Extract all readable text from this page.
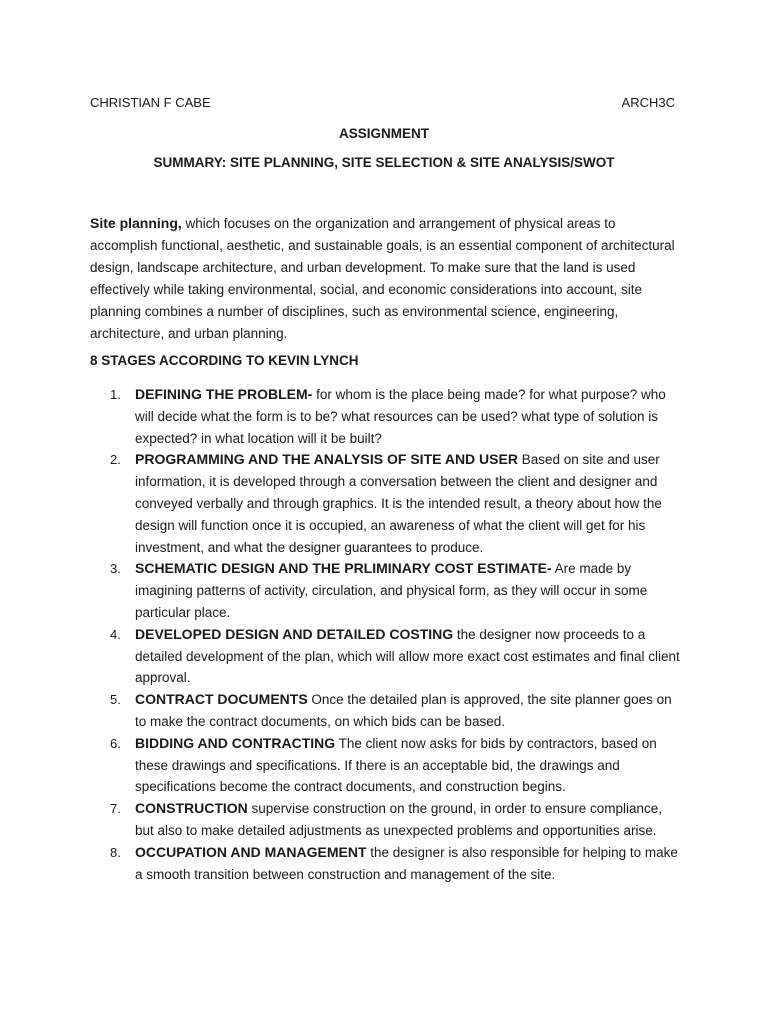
CHRISTIAN F CABE	ARCH3C
ASSIGNMENT
SUMMARY: SITE PLANNING, SITE SELECTION & SITE ANALYSIS/SWOT

Site planning, which focuses on the organization and arrangement of physical areas to accomplish functional, aesthetic, and sustainable goals, is an essential component of architectural design, landscape architecture, and urban development. To make sure that the land is used effectively while taking environmental, social, and economic considerations into account, site planning combines a number of disciplines, such as environmental science, engineering, architecture, and urban planning.

8 STAGES ACCORDING TO KEVIN LYNCH
1. DEFINING THE PROBLEM- for whom is the place being made? for what purpose? who will decide what the form is to be? what resources can be used? what type of solution is expected? in what location will it be built?
2. PROGRAMMING AND THE ANALYSIS OF SITE AND USER Based on site and user information, it is developed through a conversation between the client and designer and conveyed verbally and through graphics. It is the intended result, a theory about how the design will function once it is occupied, an awareness of what the client will get for his investment, and what the designer guarantees to produce.
3. SCHEMATIC DESIGN AND THE PRLIMINARY COST ESTIMATE- Are made by imagining patterns of activity, circulation, and physical form, as they will occur in some particular place.
4. DEVELOPED DESIGN AND DETAILED COSTING the designer now proceeds to a detailed development of the plan, which will allow more exact cost estimates and final client approval.
5. CONTRACT DOCUMENTS Once the detailed plan is approved, the site planner goes on to make the contract documents, on which bids can be based.
6. BIDDING AND CONTRACTING The client now asks for bids by contractors, based on these drawings and specifications. If there is an acceptable bid, the drawings and specifications become the contract documents, and construction begins.
7. CONSTRUCTION supervise construction on the ground, in order to ensure compliance, but also to make detailed adjustments as unexpected problems and opportunities arise.
8. OCCUPATION AND MANAGEMENT the designer is also responsible for helping to make a smooth transition between construction and management of the site.
